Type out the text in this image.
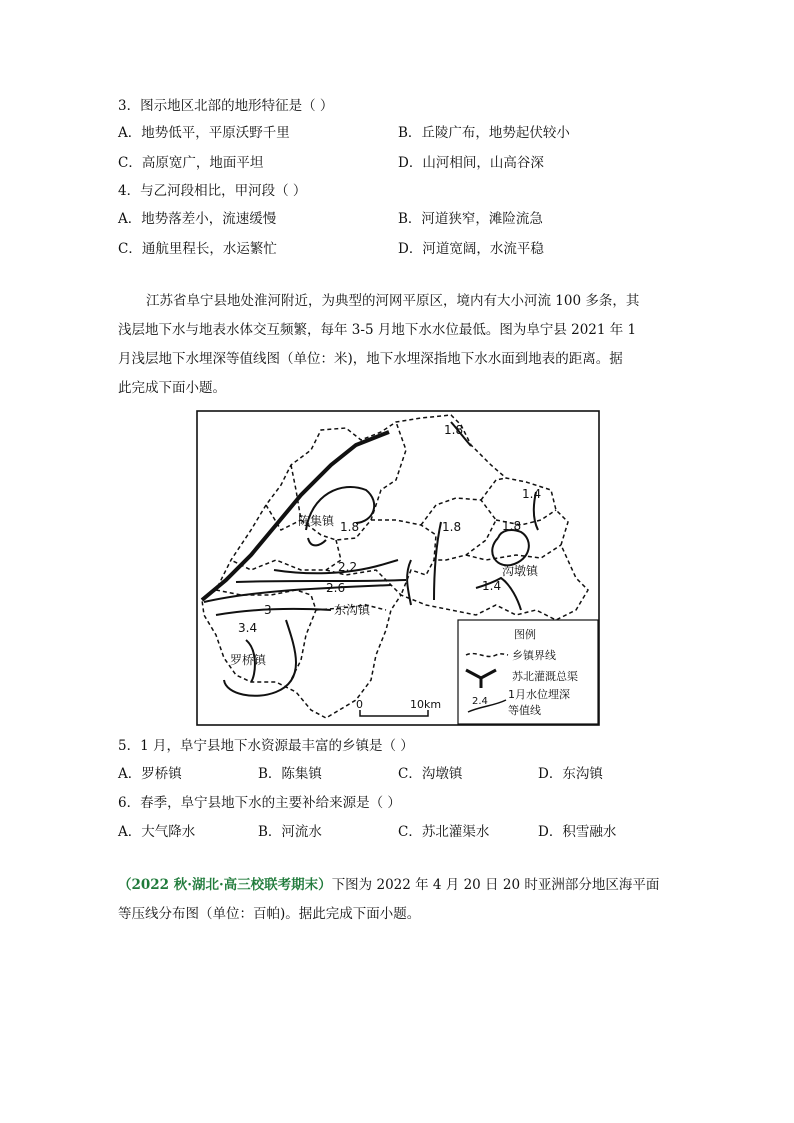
3．图示地区北部的地形特征是（ ）
A．地势低平，平原沃野千里	B．丘陵广布，地势起伏较小
C．高原宽广，地面平坦	D．山河相间，山高谷深
4．与乙河段相比，甲河段（ ）
A．地势落差小，流速缓慢	B．河道狭窄，滩险流急
C．通航里程长，水运繁忙	D．河道宽阔，水流平稳
江苏省阜宁县地处淮河附近，为典型的河网平原区，境内有大小河流 100 多条，其
浅层地下水与地表水体交互频繁，每年 3-5 月地下水水位最低。图为阜宁县 2021 年 1
月浅层地下水埋深等值线图（单位：米)，地下水埋深指地下水水面到地表的距离。据
此完成下面小题。
1.8
1.4
1.8	1.8	1.8
2.2
2.6
3
3.4
1.4
陈集镇
东沟镇
罗桥镇
沟墩镇
0	10km
图例
乡镇界线
苏北灌溉总渠
2.4
1月水位埋深
等值线
5．1 月，阜宁县地下水资源最丰富的乡镇是（ ）
A．罗桥镇	B．陈集镇	C．沟墩镇	D．东沟镇
6．春季，阜宁县地下水的主要补给来源是（ ）
A．大气降水	B．河流水	C．苏北灌渠水	D．积雪融水
（2022 秋·湖北·高三校联考期末）下图为 2022 年 4 月 20 日 20 时亚洲部分地区海平面
等压线分布图（单位：百帕)。据此完成下面小题。
